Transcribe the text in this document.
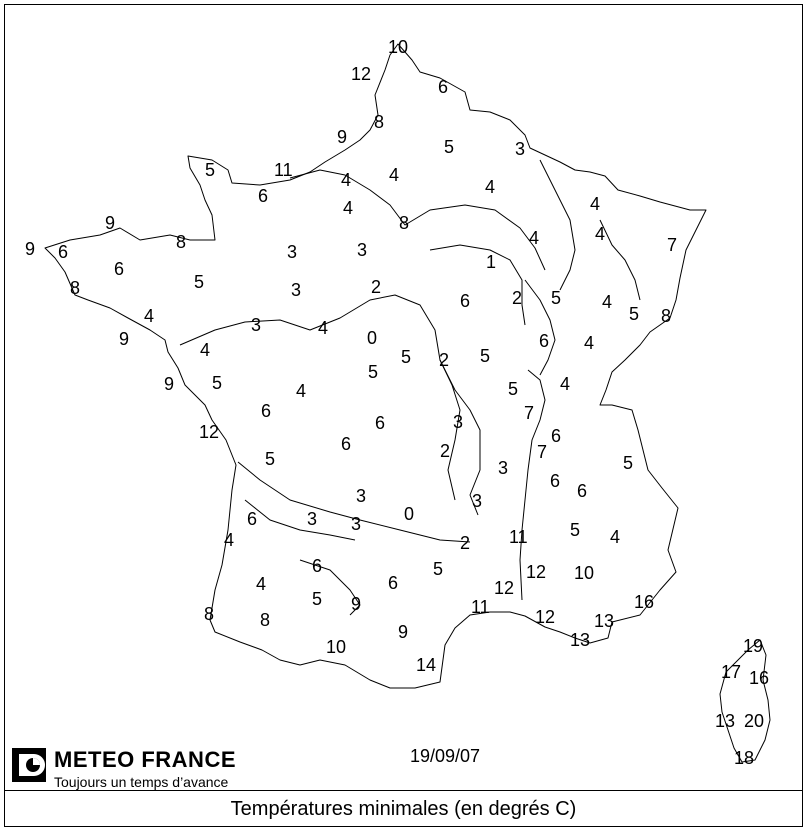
10
12
6
9
8
5	3
5	11	4 4
4
6
4
8
9
8
4
9 6	3	3
4	4
7
6
5
1
8	3	2
6 2 5 4
5
4	3	4
8
9	0
4	5 2 5
6 4
5
9 5	4	5 4
6
6	7
12	3
6	6
5	2	7
5
3
6 6
3	3
6	3 3 0
5 4
4	2 11
6	12 10
4	6
5
12
5 9	16
8	8
11	12 13
9
10	13
14
19
17 16
13 20
18
METEO FRANCE
Toujours un temps d’avance
19/09/07
Températures minimales (en degrés C)
